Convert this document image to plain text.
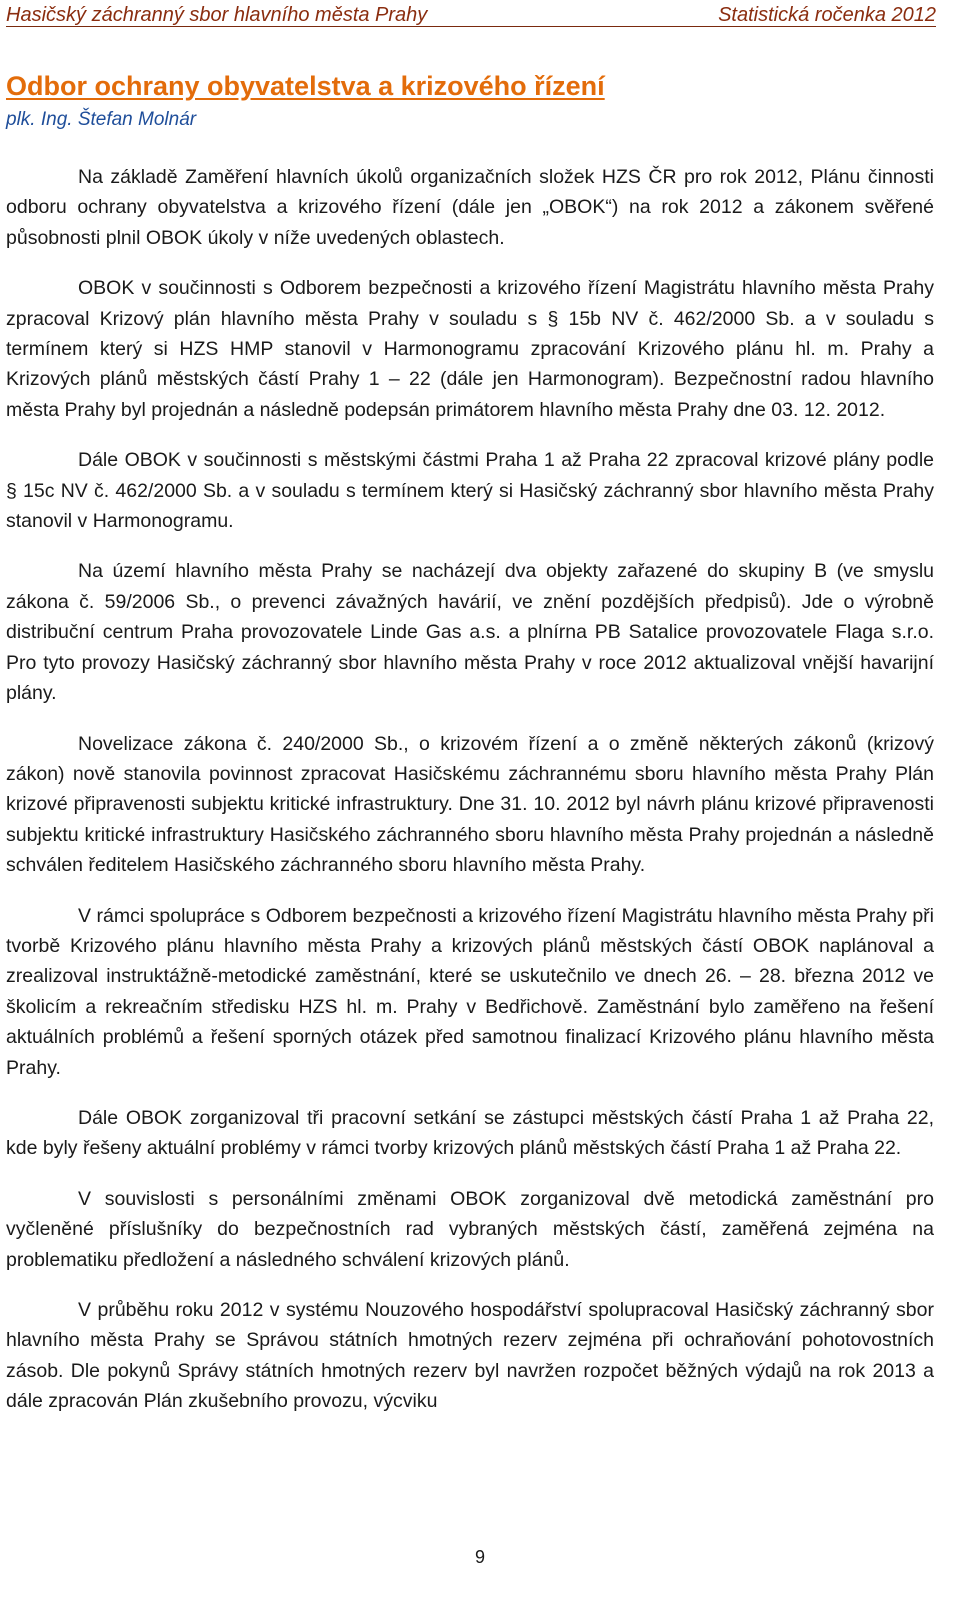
Hasičský záchranný sbor hlavního města Prahy	Statistická ročenka 2012
Odbor ochrany obyvatelstva a krizového řízení

plk. Ing. Štefan Molnár

Na základě Zaměření hlavních úkolů organizačních složek HZS ČR pro rok 2012, Plánu činnosti odboru ochrany obyvatelstva a krizového řízení (dále jen „OBOK“) na rok 2012 a zákonem svěřené působnosti plnil OBOK úkoly v níže uvedených oblastech.

OBOK v součinnosti s Odborem bezpečnosti a krizového řízení Magistrátu hlavního města Prahy zpracoval Krizový plán hlavního města Prahy v souladu s § 15b NV č. 462/2000 Sb. a v souladu s termínem který si HZS HMP stanovil v Harmonogramu zpracování Krizového plánu hl. m. Prahy a Krizových plánů městských částí Prahy 1 – 22 (dále jen Harmonogram). Bezpečnostní radou hlavního města Prahy byl projednán a následně podepsán primátorem hlavního města Prahy dne 03. 12. 2012.

Dále OBOK v součinnosti s městskými částmi Praha 1 až Praha 22 zpracoval krizové plány podle § 15c NV č. 462/2000 Sb. a v souladu s termínem který si Hasičský záchranný sbor hlavního města Prahy stanovil v Harmonogramu.

Na území hlavního města Prahy se nacházejí dva objekty zařazené do skupiny B (ve smyslu zákona č. 59/2006 Sb., o prevenci závažných havárií, ve znění pozdějších předpisů). Jde o výrobně distribuční centrum Praha provozovatele Linde Gas a.s. a plnírna PB Satalice provozovatele Flaga s.r.o. Pro tyto provozy Hasičský záchranný sbor hlavního města Prahy v roce 2012 aktualizoval vnější havarijní plány.

Novelizace zákona č. 240/2000 Sb., o krizovém řízení a o změně některých zákonů (krizový zákon) nově stanovila povinnost zpracovat Hasičskému záchrannému sboru hlavního města Prahy Plán krizové připravenosti subjektu kritické infrastruktury. Dne 31. 10. 2012 byl návrh plánu krizové připravenosti subjektu kritické infrastruktury Hasičského záchranného sboru hlavního města Prahy projednán a následně schválen ředitelem Hasičského záchranného sboru hlavního města Prahy.

V rámci spolupráce s Odborem bezpečnosti a krizového řízení Magistrátu hlavního města Prahy při tvorbě Krizového plánu hlavního města Prahy a krizových plánů městských částí OBOK naplánoval a zrealizoval instruktážně-metodické zaměstnání, které se uskutečnilo ve dnech 26. – 28. března 2012 ve školicím a rekreačním středisku HZS hl. m. Prahy v Bedřichově. Zaměstnání bylo zaměřeno na řešení aktuálních problémů a řešení sporných otázek před samotnou finalizací Krizového plánu hlavního města Prahy.

Dále OBOK zorganizoval tři pracovní setkání se zástupci městských částí Praha 1 až Praha 22, kde byly řešeny aktuální problémy v rámci tvorby krizových plánů městských částí Praha 1 až Praha 22.

V souvislosti s personálními změnami OBOK zorganizoval dvě metodická zaměstnání pro vyčleněné příslušníky do bezpečnostních rad vybraných městských částí, zaměřená zejména na problematiku předložení a následného schválení krizových plánů.

V průběhu roku 2012 v systému Nouzového hospodářství spolupracoval Hasičský záchranný sbor hlavního města Prahy se Správou státních hmotných rezerv zejména při ochraňování pohotovostních zásob. Dle pokynů Správy státních hmotných rezerv byl navržen rozpočet běžných výdajů na rok 2013 a dále zpracován Plán zkušebního provozu, výcviku

9
